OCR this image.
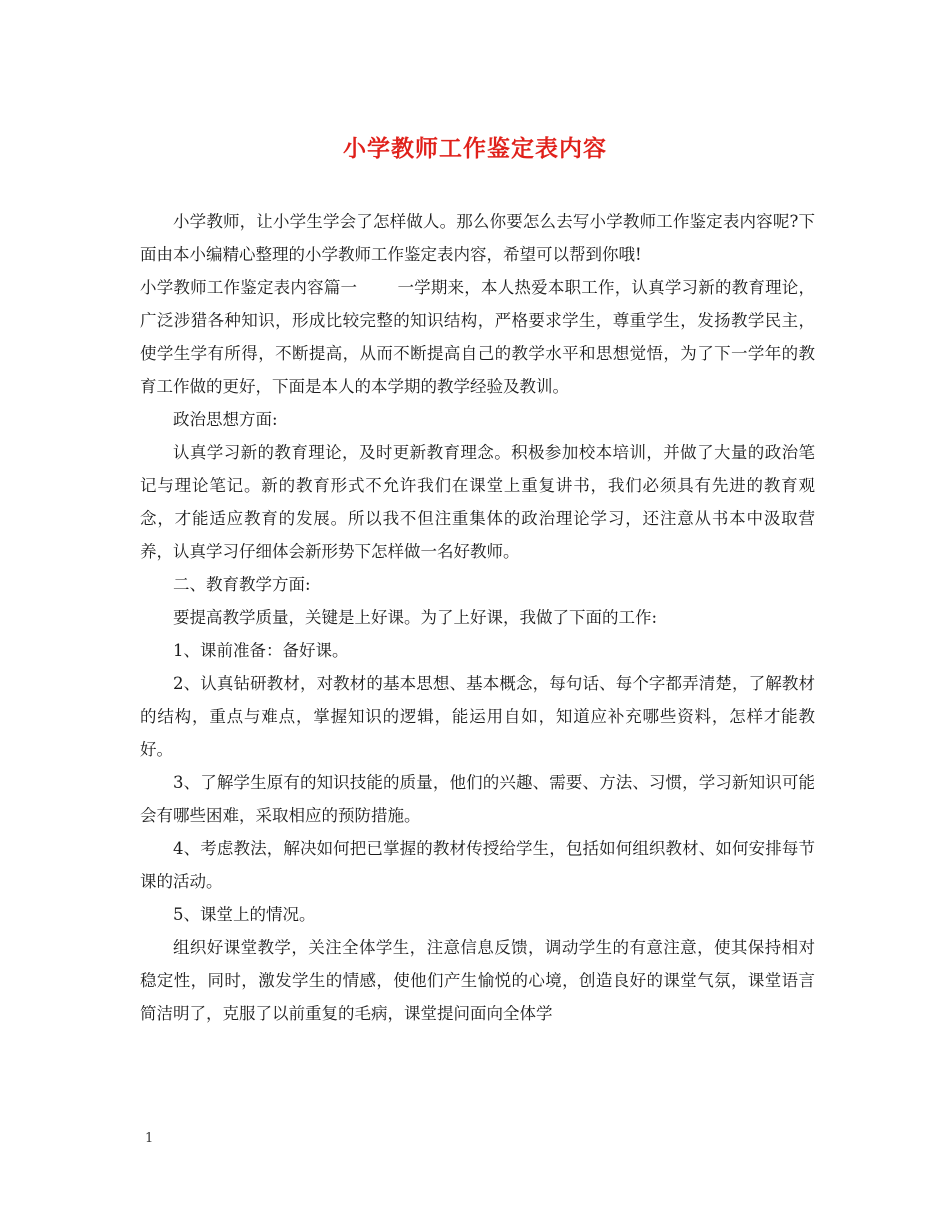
小学教师工作鉴定表内容

小学教师，让小学生学会了怎样做人。那么你要怎么去写小学教师工作鉴定表内容呢?下面由本小编精心整理的小学教师工作鉴定表内容，希望可以帮到你哦!

小学教师工作鉴定表内容篇一 一学期来，本人热爱本职工作，认真学习新的教育理论，广泛涉猎各种知识，形成比较完整的知识结构，严格要求学生，尊重学生，发扬教学民主，使学生学有所得，不断提高，从而不断提高自己的教学水平和思想觉悟，为了下一学年的教育工作做的更好，下面是本人的本学期的教学经验及教训。

政治思想方面:

认真学习新的教育理论，及时更新教育理念。积极参加校本培训，并做了大量的政治笔记与理论笔记。新的教育形式不允许我们在课堂上重复讲书，我们必须具有先进的教育观念，才能适应教育的发展。所以我不但注重集体的政治理论学习，还注意从书本中汲取营养，认真学习仔细体会新形势下怎样做一名好教师。

二、教育教学方面:

要提高教学质量，关键是上好课。为了上好课，我做了下面的工作:

1、课前准备：备好课。

2、认真钻研教材，对教材的基本思想、基本概念，每句话、每个字都弄清楚，了解教材的结构，重点与难点，掌握知识的逻辑，能运用自如，知道应补充哪些资料，怎样才能教好。

3、了解学生原有的知识技能的质量，他们的兴趣、需要、方法、习惯，学习新知识可能会有哪些困难，采取相应的预防措施。

4、考虑教法，解决如何把已掌握的教材传授给学生，包括如何组织教材、如何安排每节课的活动。

5、课堂上的情况。

组织好课堂教学，关注全体学生，注意信息反馈，调动学生的有意注意，使其保持相对稳定性，同时，激发学生的情感，使他们产生愉悦的心境，创造良好的课堂气氛，课堂语言简洁明了，克服了以前重复的毛病，课堂提问面向全体学

1
